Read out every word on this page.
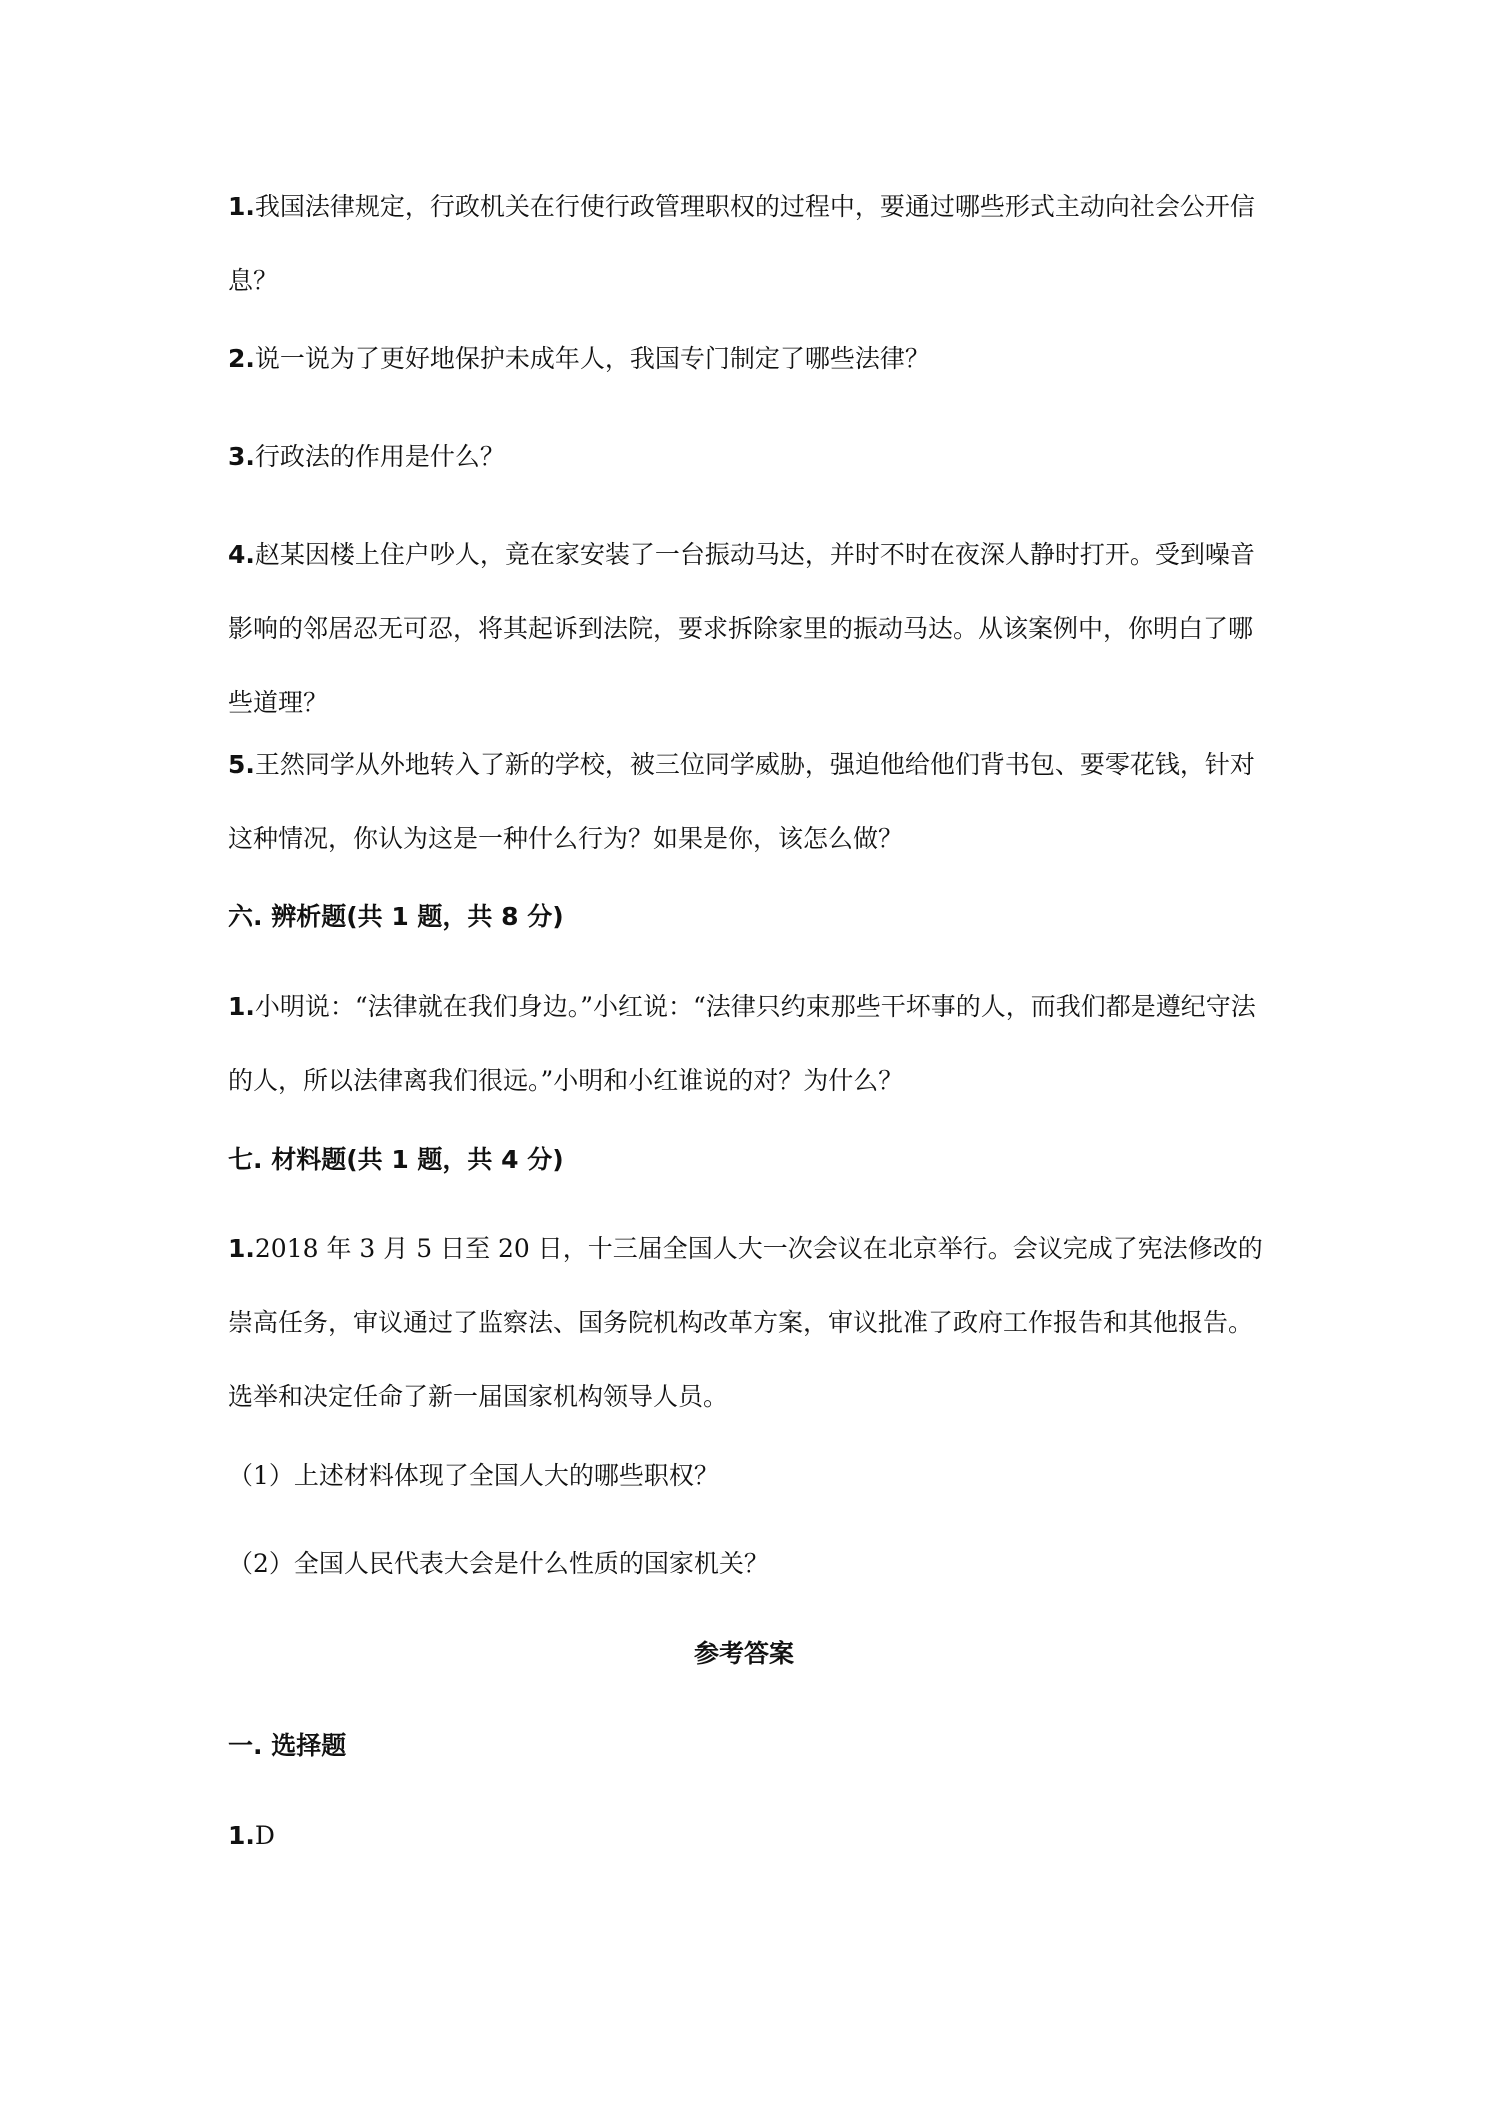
1.我国法律规定，行政机关在行使行政管理职权的过程中，要通过哪些形式主动向社会公开信息？

2.说一说为了更好地保护未成年人，我国专门制定了哪些法律？

3.行政法的作用是什么？

4.赵某因楼上住户吵人，竟在家安装了一台振动马达，并时不时在夜深人静时打开。受到噪音影响的邻居忍无可忍，将其起诉到法院，要求拆除家里的振动马达。从该案例中，你明白了哪些道理？

5.王然同学从外地转入了新的学校，被三位同学威胁，强迫他给他们背书包、要零花钱，针对这种情况，你认为这是一种什么行为？如果是你，该怎么做？

六. 辨析题(共 1 题，共 8 分)

1.小明说：“法律就在我们身边。”小红说：“法律只约束那些干坏事的人，而我们都是遵纪守法的人，所以法律离我们很远。”小明和小红谁说的对？为什么？

七. 材料题(共 1 题，共 4 分)

1.2018 年 3 月 5 日至 20 日，十三届全国人大一次会议在北京举行。会议完成了宪法修改的崇高任务，审议通过了监察法、国务院机构改革方案，审议批准了政府工作报告和其他报告。选举和决定任命了新一届国家机构领导人员。

（1）上述材料体现了全国人大的哪些职权？

（2）全国人民代表大会是什么性质的国家机关？

参考答案

一. 选择题

1.D
